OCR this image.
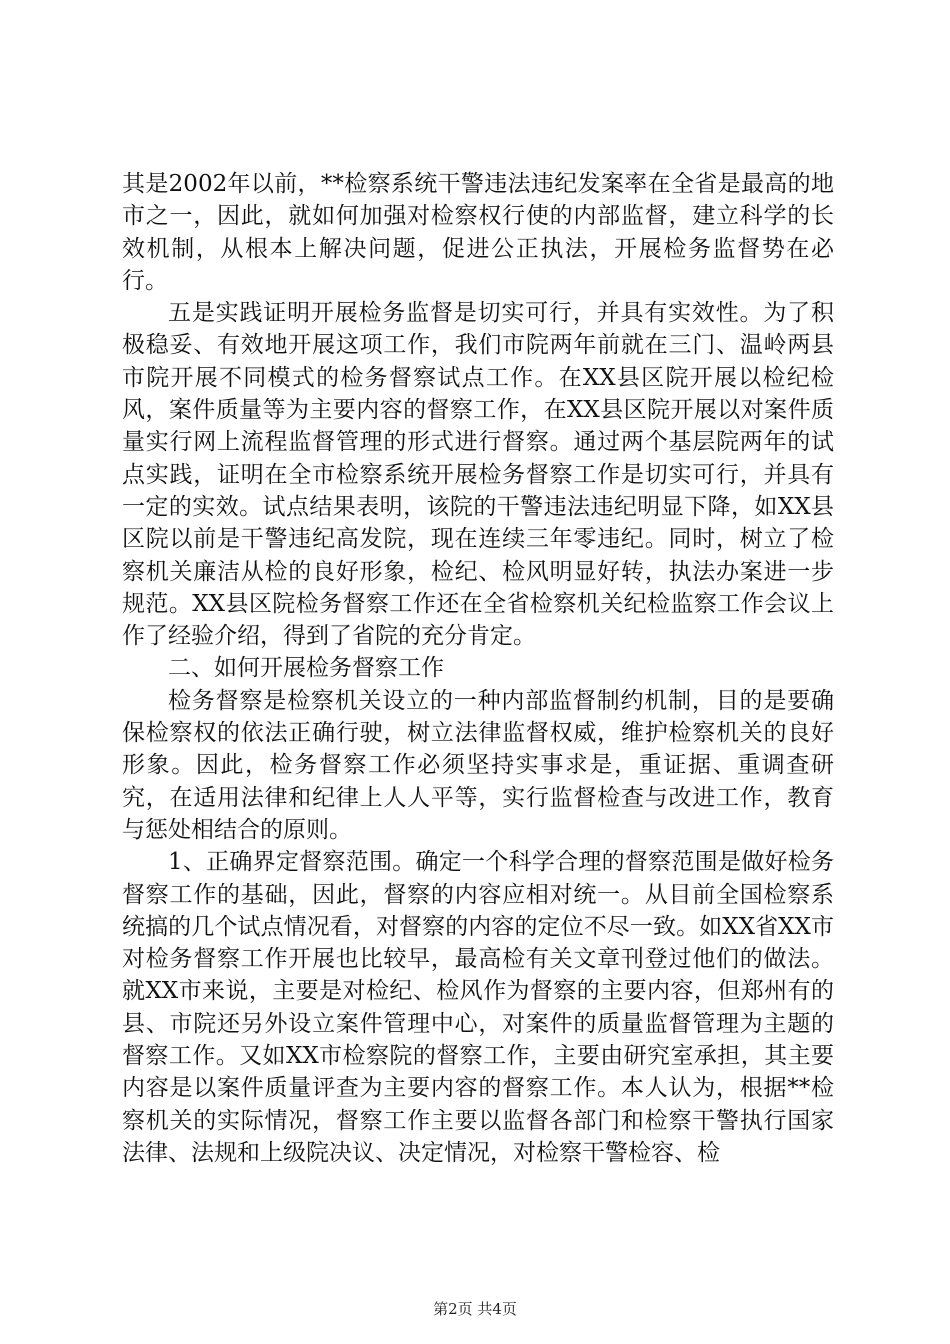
其是2002年以前，**检察系统干警违法违纪发案率在全省是最高的地市之一，因此，就如何加强对检察权行使的内部监督，建立科学的长效机制，从根本上解决问题，促进公正执法，开展检务监督势在必行。

五是实践证明开展检务监督是切实可行，并具有实效性。为了积极稳妥、有效地开展这项工作，我们市院两年前就在三门、温岭两县市院开展不同模式的检务督察试点工作。在XX县区院开展以检纪检风，案件质量等为主要内容的督察工作，在XX县区院开展以对案件质量实行网上流程监督管理的形式进行督察。通过两个基层院两年的试点实践，证明在全市检察系统开展检务督察工作是切实可行，并具有一定的实效。试点结果表明，该院的干警违法违纪明显下降，如XX县区院以前是干警违纪高发院，现在连续三年零违纪。同时，树立了检察机关廉洁从检的良好形象，检纪、检风明显好转，执法办案进一步规范。XX县区院检务督察工作还在全省检察机关纪检监察工作会议上作了经验介绍，得到了省院的充分肯定。

二、如何开展检务督察工作

检务督察是检察机关设立的一种内部监督制约机制，目的是要确保检察权的依法正确行驶，树立法律监督权威，维护检察机关的良好形象。因此，检务督察工作必须坚持实事求是，重证据、重调查研究，在适用法律和纪律上人人平等，实行监督检查与改进工作，教育与惩处相结合的原则。

1、正确界定督察范围。确定一个科学合理的督察范围是做好检务督察工作的基础，因此，督察的内容应相对统一。从目前全国检察系统搞的几个试点情况看，对督察的内容的定位不尽一致。如XX省XX市对检务督察工作开展也比较早，最高检有关文章刊登过他们的做法。就XX市来说，主要是对检纪、检风作为督察的主要内容，但郑州有的县、市院还另外设立案件管理中心，对案件的质量监督管理为主题的督察工作。又如XX市检察院的督察工作，主要由研究室承担，其主要内容是以案件质量评查为主要内容的督察工作。本人认为，根据**检察机关的实际情况，督察工作主要以监督各部门和检察干警执行国家法律、法规和上级院决议、决定情况，对检察干警检容、检

第2页 共4页
